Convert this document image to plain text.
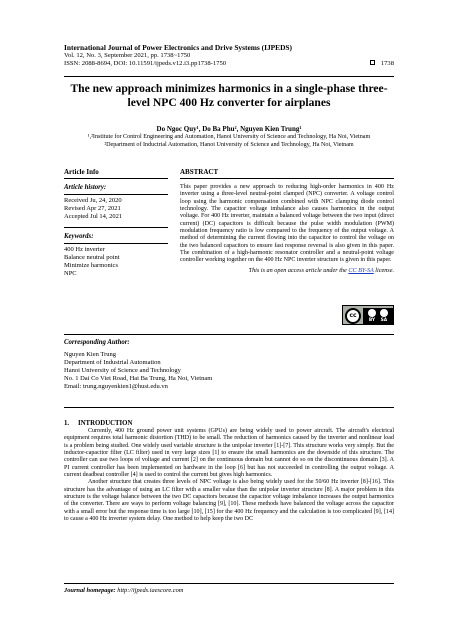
International Journal of Power Electronics and Drive Systems (IJPEDS)
Vol. 12, No. 3, September 2021, pp. 1738~1750
ISSN: 2088-8694, DOI: 10.11591/ijpeds.v12.i3.pp1738-1750	1738
The new approach minimizes harmonics in a single-phase three-level NPC 400 Hz converter for airplanes
Do Ngoc Quy¹, Do Ba Phu², Nguyen Kien Trung¹
¹,²Institute for Control Engineering and Automation, Hanoi University of Science and Technology, Ha Noi, Vietnam
²Department of Inductrial Automation, Hanoi University of Science and Technology, Ha Noi, Vietnam
Article Info
Article history:
Received Ju, 24, 2020
Revised Apr 27, 2021
Accepted Jul 14, 2021
Keywords:
400 Hz inverter
Balance neutral point
Minimize harmonics
NPC
ABSTRACT
This paper provides a new approach to reducing high-order harmonics in 400 Hz inverter using a three-level neutral-point clamped (NPC) converter. A voltage control loop using the harmonic compensation combined with NPC clamping diode control technology. The capacitor voltage imbalance also causes harmonics in the output voltage. For 400 Hz inverter, maintain a balanced voltage between the two input (direct current) (DC) capacitors is difficult because the pulse width modulation (PWM) modulation frequency ratio is low compared to the frequency of the output voltage. A method of determining the current flowing into the capacitor to control the voltage on the two balanced capacitors to ensure fast response reversal is also given in this paper. The combination of a high-harmonic resonator controller and a neutral-point voltage controller working together on the 400 Hz NPC inverter structure is given in this paper.
This is an open access article under the CC BY-SA license.
cc
BY SA
Corresponding Author:
Nguyen Kien Trung
Department of Industrial Automation
Hanoi University of Science and Technology
No. 1 Dai Co Viet Road, Hai Ba Trung, Ha Noi, Vietnam
Email: trung.nguyenkien1@hust.edu.vn
1. INTRODUCTION
Currently, 400 Hz ground power unit systems (GPUs) are being widely used to power aircraft. The aircraft's electrical equipment requires total harmonic distortion (THD) to be small. The reduction of harmonics caused by the inverter and nonlinear load is a problem being studied. One widely used variable structure is the unipolar inverter [1]-[7]. This structure works very simply. But the inductor-capacitor filter (LC filter) used in very large sizes [1] to ensure the small harmonics are the downside of this structure. The controller can use two loops of voltage and current [2] on the continuous domain but cannot do so on the discontinuous domain [3]. A PI current controller has been implemented on hardware in the loop [6] but has not succeeded in controlling the output voltage. A current deadbeat controller [4] is used to control the current but gives high harmonics.
Another structure that creates three levels of NPC voltage is also being widely used for the 50/60 Hz inverter [8]-[16]. This structure has the advantage of using an LC filter with a smaller value than the unipolar inverter structure [8]. A major problem in this structure is the voltage balance between the two DC capacitors because the capacitor voltage imbalance increases the output harmonics of the converter. There are ways to perform voltage balancing [9], [10]. These methods have balanced the voltage across the capacitor with a small error but the response time is too large [10], [15] for the 400 Hz frequency and the calculation is too complicated [9], [14] to cause a 400 Hz inverter system delay. One method to help keep the two DC
Journal homepage: http://ijpeds.iaescore.com
